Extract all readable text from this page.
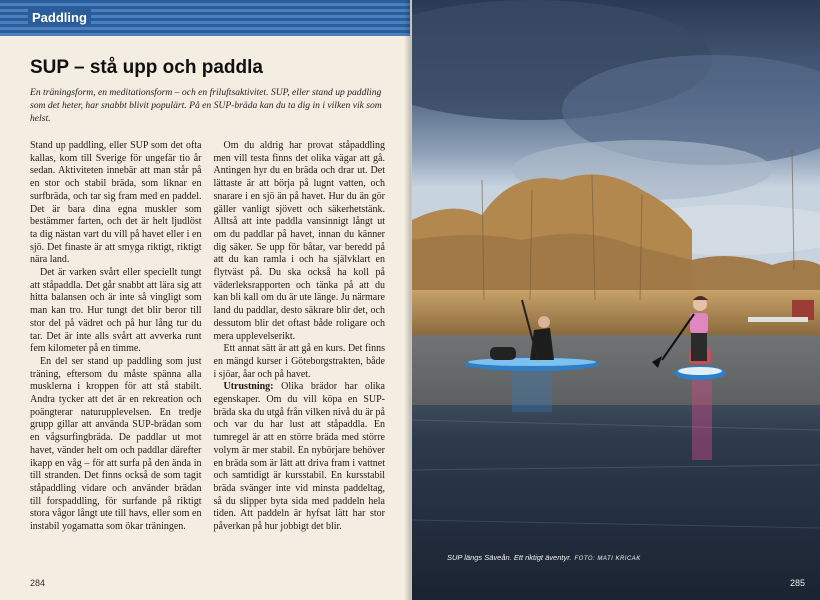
Paddling
SUP – stå upp och paddla

En träningsform, en meditationsform – och en friluftsaktivitet. SUP, eller stand up paddling som det heter, har snabbt blivit populärt. På en SUP-bräda kan du ta dig in i vilken vik som helst.

Stand up paddling, eller SUP som det ofta kallas, kom till Sverige för ungefär tio år sedan. Aktiviteten innebär att man står på en stor och stabil bräda, som liknar en surfbräda, och tar sig fram med en paddel. Det är bara dina egna muskler som bestämmer farten, och det är helt ljudlöst ta dig nästan vart du vill på havet eller i en sjö. Det finaste är att smyga riktigt, riktigt nära land.

Det är varken svårt eller speciellt tungt att ståpaddla. Det går snabbt att lära sig att hitta balansen och är inte så vingligt som man kan tro. Hur tungt det blir beror till stor del på vädret och på hur lång tur du tar. Det är inte alls svårt att avverka runt fem kilometer på en timme.

En del ser stand up paddling som just träning, eftersom du måste spänna alla musklerna i kroppen för att stå stabilt. Andra tycker att det är en rekreation och poängterar naturupplevelsen. En tredje grupp gillar att använda SUP-brädan som en vågsurfingbräda. De paddlar ut mot havet, vänder helt om och paddlar därefter ikapp en våg – för att surfa på den ända in till stranden. Det finns också de som tagit ståpaddling vidare och använder brädan till forspaddling, för surfande på riktigt stora vågor långt ute till havs, eller som en instabil yogamatta som ökar träningen.

Om du aldrig har provat ståpaddling men vill testa finns det olika vägar att gå. Antingen hyr du en bräda och drar ut. Det lättaste är att börja på lugnt vatten, och snarare i en sjö än på havet. Hur du än gör gäller vanligt sjövett och säkerhetstänk. Alltså att inte paddla vansinnigt långt ut om du paddlar på havet, innan du känner dig säker. Se upp för båtar, var beredd på att du kan ramla i och ha självklart en flytväst på. Du ska också ha koll på väderleksrapporten och tänka på att du kan bli kall om du är ute länge. Ju närmare land du paddlar, desto säkrare blir det, och dessutom blir det oftast både roligare och mera upplevelserikt.

Ett annat sätt är att gå en kurs. Det finns en mängd kurser i Göteborgstrakten, både i sjöar, åar och på havet.

Utrustning: Olika brädor har olika egenskaper. Om du vill köpa en SUP-bräda ska du utgå från vilken nivå du är på och var du har lust att ståpaddla. En tumregel är att en större bräda med större volym är mer stabil. En nybörjare behöver en bräda som är lätt att driva fram i vattnet och samtidigt är kursstabil. En kursstabil bräda svänger inte vid minsta paddeltag, så du slipper byta sida med paddeln hela tiden. Att paddeln är hyfsat lätt har stor påverkan på hur jobbigt det blir.

284
SUP längs Säveån. Ett riktigt äventyr. FOTO: MATI KRICAK
285
